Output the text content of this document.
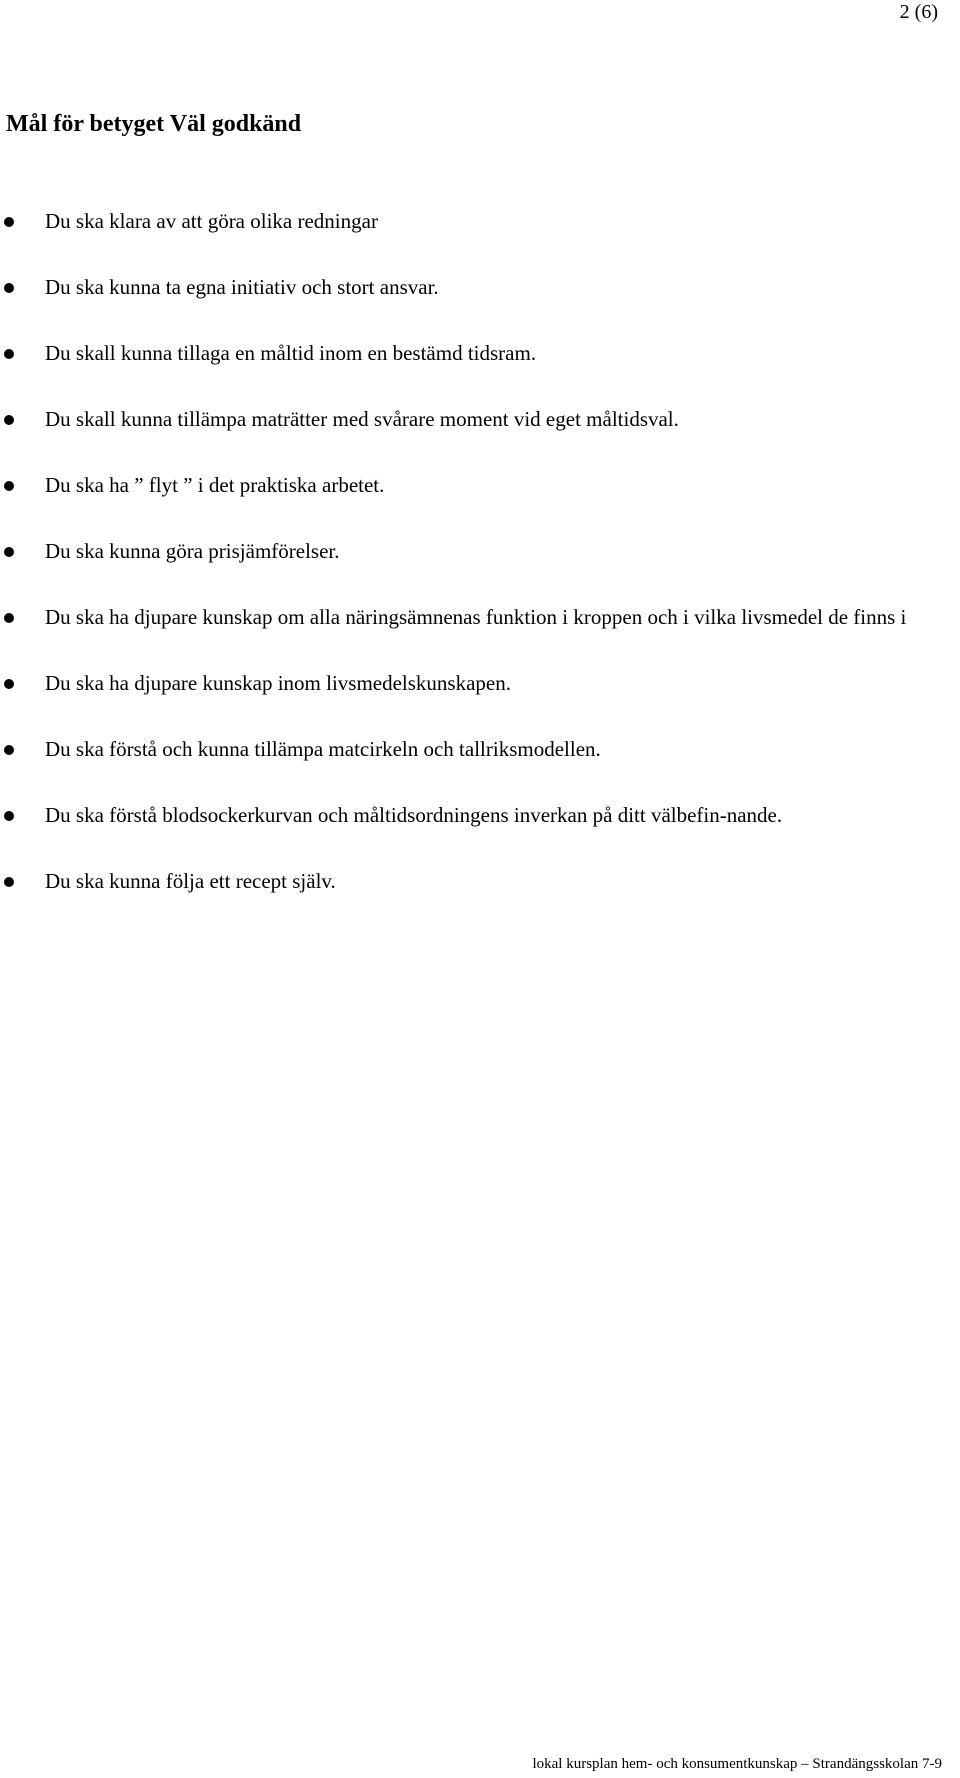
2 (6)
Mål för betyget Väl godkänd
Du ska klara av att göra olika redningar
Du ska kunna ta egna initiativ och stort ansvar.
Du skall kunna tillaga en måltid inom en bestämd tidsram.
Du skall kunna tillämpa maträtter med svårare moment vid eget måltidsval.
Du ska ha ” flyt ” i det praktiska arbetet.
Du ska kunna göra prisjämförelser.
Du ska ha djupare kunskap om alla näringsämnenas funktion i kroppen och i vilka livsmedel de finns i
Du ska ha djupare kunskap inom livsmedelskunskapen.
Du ska förstå och kunna tillämpa matcirkeln och tallriksmodellen.
Du ska förstå blodsockerkurvan och måltidsordningens inverkan på ditt välbefin-nande.
Du ska kunna följa ett recept själv.
lokal kursplan hem- och konsumentkunskap – Strandängsskolan 7-9
